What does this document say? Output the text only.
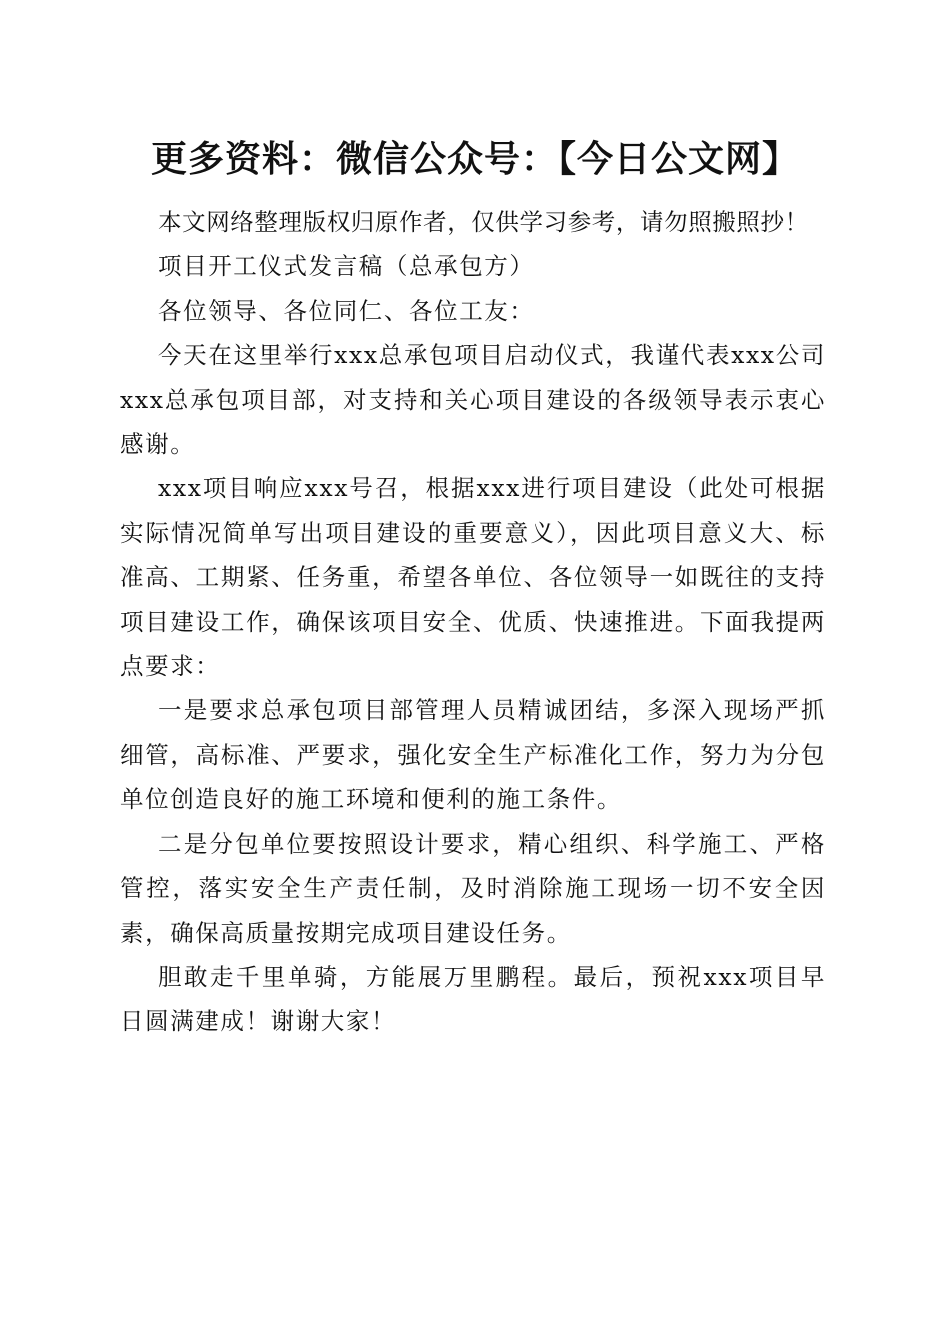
更多资料：微信公众号：【今日公文网】

本文网络整理版权归原作者，仅供学习参考，请勿照搬照抄！

项目开工仪式发言稿（总承包方）

各位领导、各位同仁、各位工友：

今天在这里举行xxx总承包项目启动仪式，我谨代表xxx公司xxx总承包项目部，对支持和关心项目建设的各级领导表示衷心感谢。

xxx项目响应xxx号召，根据xxx进行项目建设（此处可根据实际情况简单写出项目建设的重要意义），因此项目意义大、标准高、工期紧、任务重，希望各单位、各位领导一如既往的支持项目建设工作，确保该项目安全、优质、快速推进。下面我提两点要求：

一是要求总承包项目部管理人员精诚团结，多深入现场严抓细管，高标准、严要求，强化安全生产标准化工作，努力为分包单位创造良好的施工环境和便利的施工条件。

二是分包单位要按照设计要求，精心组织、科学施工、严格管控，落实安全生产责任制，及时消除施工现场一切不安全因素，确保高质量按期完成项目建设任务。

胆敢走千里单骑，方能展万里鹏程。最后，预祝xxx项目早日圆满建成！谢谢大家！
